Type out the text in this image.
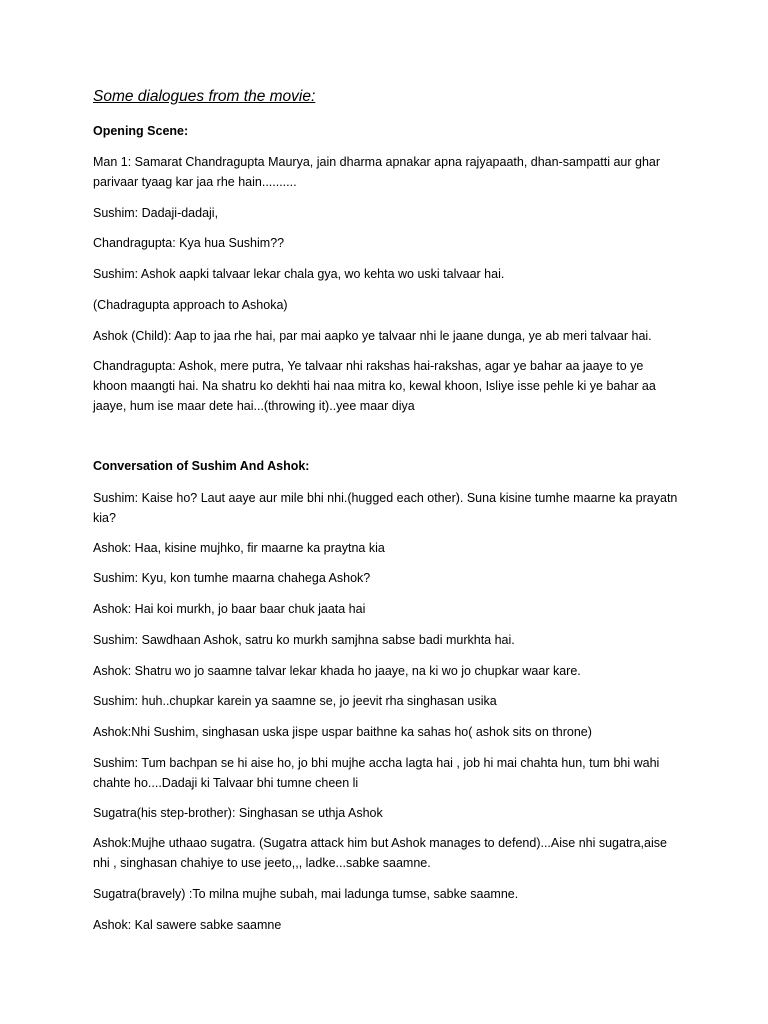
Some dialogues from the movie:
Opening Scene:

Man 1: Samarat Chandragupta Maurya, jain dharma apnakar apna rajyapaath, dhan-sampatti aur ghar parivaar tyaag kar jaa rhe hain..........

Sushim: Dadaji-dadaji,

Chandragupta: Kya hua Sushim??

Sushim: Ashok aapki talvaar lekar chala gya, wo kehta wo uski talvaar hai.

(Chadragupta approach to Ashoka)

Ashok (Child): Aap to jaa rhe hai, par mai aapko ye talvaar nhi le jaane dunga, ye ab meri talvaar hai.

Chandragupta: Ashok, mere putra, Ye talvaar nhi rakshas hai-rakshas, agar ye bahar aa jaaye to ye khoon maangti hai. Na shatru ko dekhti hai naa mitra ko, kewal khoon, Isliye isse pehle ki ye bahar aa jaaye, hum ise maar dete hai...(throwing it)..yee maar diya

Conversation of Sushim And Ashok:

Sushim: Kaise ho? Laut aaye aur mile bhi nhi.(hugged each other). Suna kisine tumhe maarne ka prayatn kia?

Ashok: Haa, kisine mujhko, fir maarne ka praytna kia

Sushim: Kyu, kon tumhe maarna chahega Ashok?

Ashok: Hai koi murkh, jo baar baar chuk jaata hai

Sushim: Sawdhaan Ashok, satru ko murkh samjhna sabse badi murkhta hai.

Ashok: Shatru wo jo saamne talvar lekar khada ho jaaye, na ki wo jo chupkar waar kare.

Sushim: huh..chupkar karein ya saamne se, jo jeevit rha singhasan usika

Ashok:Nhi Sushim, singhasan uska jispe uspar baithne ka sahas ho( ashok sits on throne)

Sushim: Tum bachpan se hi aise ho, jo bhi mujhe accha lagta hai , job hi mai chahta hun, tum bhi wahi chahte ho....Dadaji ki Talvaar bhi tumne cheen li

Sugatra(his step-brother): Singhasan se uthja Ashok

Ashok:Mujhe uthaao sugatra. (Sugatra attack him but Ashok manages to defend)...Aise nhi sugatra,aise nhi , singhasan chahiye to use jeeto,,, ladke...sabke saamne.

Sugatra(bravely) :To milna mujhe subah, mai ladunga tumse, sabke saamne.

Ashok: Kal sawere sabke saamne
